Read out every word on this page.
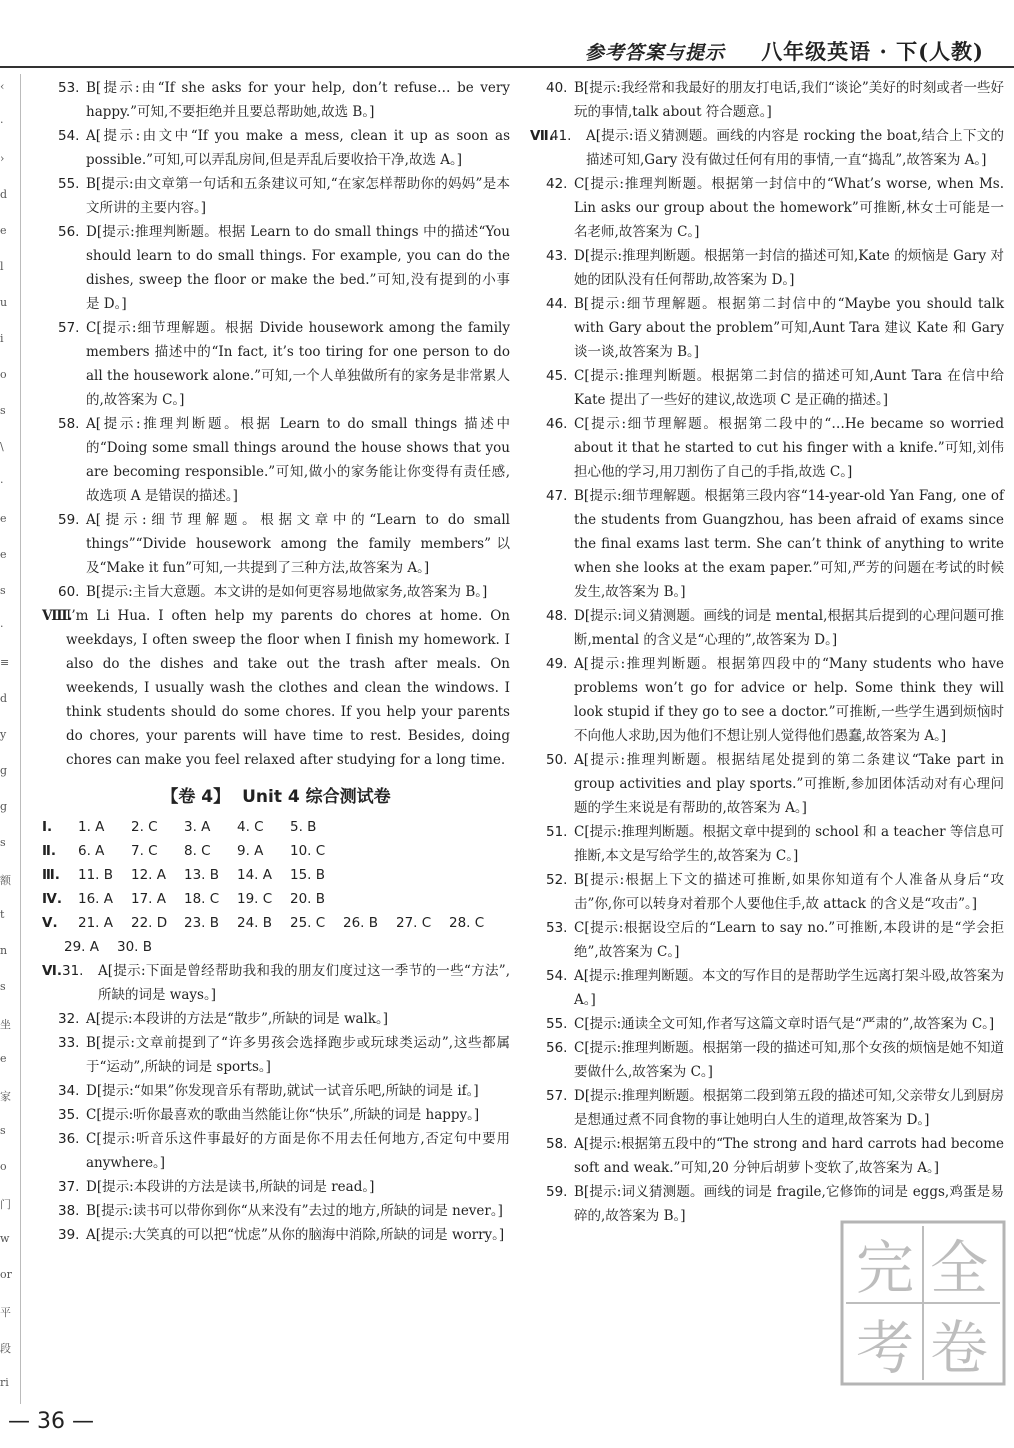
参考答案与提示 八年级英语 · 下(人教)
‹
·
›
d
e
l
u
i
o
s
\
·
e
e
s
·
≡
d
y
g
g
s
额
t
n
s
坐
e
家
s
o
门
w
or
平
段
ri
53. B[提示:由“If she asks for your help, don’t refuse… be very happy.”可知,不要拒绝并且要总帮助她,故选 B。]
54. A[提示:由文中“If you make a mess, clean it up as soon as possible.”可知,可以弄乱房间,但是弄乱后要收拾干净,故选 A。]
55. B[提示:由文章第一句话和五条建议可知,“在家怎样帮助你的妈妈”是本文所讲的主要内容。]
56. D[提示:推理判断题。根据 Learn to do small things 中的描述“You should learn to do small things. For example, you can do the dishes, sweep the floor or make the bed.”可知,没有提到的小事是 D。]
57. C[提示:细节理解题。根据 Divide housework among the family members 描述中的“In fact, it’s too tiring for one person to do all the housework alone.”可知,一个人单独做所有的家务是非常累人的,故答案为 C。]
58. A[提示:推理判断题。根据 Learn to do small things 描述中的“Doing some small things around the house shows that you are becoming responsible.”可知,做小的家务能让你变得有责任感,故选项 A 是错误的描述。]
59. A[提示:细节理解题。根据文章中的“Learn to do small things”“Divide housework among the family members”以及“Make it fun”可知,一共提到了三种方法,故答案为 A。]
60. B[提示:主旨大意题。本文讲的是如何更容易地做家务,故答案为 B。]
Ⅷ.
I’m Li Hua. I often help my parents do chores at home. On weekdays, I often sweep the floor when I finish my homework. I also do the dishes and take out the trash after meals. On weekends, I usually wash the clothes and clean the windows. I think students should do some chores. If you help your parents do chores, your parents will have time to rest. Besides, doing chores can make you feel relaxed after studying for a long time.
【卷 4】 Unit 4 综合测试卷
Ⅰ.	1. A	2. C	3. A	4. C	5. B
Ⅱ.	6. A	7. C	8. C	9. A	10. C
Ⅲ.	11. B	12. A	13. B	14. A	15. B
Ⅳ.	16. A	17. A	18. C	19. C	20. B
Ⅴ.	21. A	22. D	23. B	24. B	25. C	26. B	27. C	28. C
29. A	30. B
Ⅵ. 31.	A[提示:下面是曾经帮助我和我的朋友们度过这一季节的一些“方法”,所缺的词是 ways。]
32. A[提示:本段讲的方法是“散步”,所缺的词是 walk。]
33. B[提示:文章前提到了“许多男孩会选择跑步或玩球类运动”,这些都属于“运动”,所缺的词是 sports。]
34. D[提示:“如果”你发现音乐有帮助,就试一试音乐吧,所缺的词是 if。]
35. C[提示:听你最喜欢的歌曲当然能让你“快乐”,所缺的词是 happy。]
36. C[提示:听音乐这件事最好的方面是你不用去任何地方,否定句中要用 anywhere。]
37. D[提示:本段讲的方法是读书,所缺的词是 read。]
38. B[提示:读书可以带你到你“从来没有”去过的地方,所缺的词是 never。]
39. A[提示:大笑真的可以把“忧虑”从你的脑海中消除,所缺的词是 worry。]
40. B[提示:我经常和我最好的朋友打电话,我们“谈论”美好的时刻或者一些好玩的事情,talk about 符合题意。]
Ⅶ.
41.	A[提示:语义猜测题。画线的内容是 rocking the boat,结合上下文的描述可知,Gary 没有做过任何有用的事情,一直“捣乱”,故答案为 A。]
42. C[提示:推理判断题。根据第一封信中的“What’s worse, when Ms. Lin asks our group about the homework”可推断,林女士可能是一名老师,故答案为 C。]
43. D[提示:推理判断题。根据第一封信的描述可知,Kate 的烦恼是 Gary 对她的团队没有任何帮助,故答案为 D。]
44. B[提示:细节理解题。根据第二封信中的“Maybe you should talk with Gary about the problem”可知,Aunt Tara 建议 Kate 和 Gary 谈一谈,故答案为 B。]
45. C[提示:推理判断题。根据第二封信的描述可知,Aunt Tara 在信中给 Kate 提出了一些好的建议,故选项 C 是正确的描述。]
46. C[提示:细节理解题。根据第二段中的“…He became so worried about it that he started to cut his finger with a knife.”可知,刘伟担心他的学习,用刀割伤了自己的手指,故选 C。]
47. B[提示:细节理解题。根据第三段内容“14-year-old Yan Fang, one of the students from Guangzhou, has been afraid of exams since the final exams last term. She can’t think of anything to write when she looks at the exam paper.”可知,严芳的问题在考试的时候发生,故答案为 B。]
48. D[提示:词义猜测题。画线的词是 mental,根据其后提到的心理问题可推断,mental 的含义是“心理的”,故答案为 D。]
49. A[提示:推理判断题。根据第四段中的“Many students who have problems won’t go for advice or help. Some think they will look stupid if they go to see a doctor.”可推断,一些学生遇到烦恼时不向他人求助,因为他们不想让别人觉得他们愚蠢,故答案为 A。]
50. A[提示:推理判断题。根据结尾处提到的第二条建议“Take part in group activities and play sports.”可推断,参加团体活动对有心理问题的学生来说是有帮助的,故答案为 A。]
51. C[提示:推理判断题。根据文章中提到的 school 和 a teacher 等信息可推断,本文是写给学生的,故答案为 C。]
52. B[提示:根据上下文的描述可推断,如果你知道有个人准备从身后“攻击”你,你可以转身对着那个人要他住手,故 attack 的含义是“攻击”。]
53. C[提示:根据设空后的“Learn to say no.”可推断,本段讲的是“学会拒绝”,故答案为 C。]
54. A[提示:推理判断题。本文的写作目的是帮助学生远离打架斗殴,故答案为 A。]
55. C[提示:通读全文可知,作者写这篇文章时语气是“严肃的”,故答案为 C。]
56. C[提示:推理判断题。根据第一段的描述可知,那个女孩的烦恼是她不知道要做什么,故答案为 C。]
57. D[提示:推理判断题。根据第二段到第五段的描述可知,父亲带女儿到厨房是想通过煮不同食物的事让她明白人生的道理,故答案为 D。]
58. A[提示:根据第五段中的“The strong and hard carrots had become soft and weak.”可知,20 分钟后胡萝卜变软了,故答案为 A。]
59. B[提示:词义猜测题。画线的词是 fragile,它修饰的词是 eggs,鸡蛋是易碎的,故答案为 B。]
完 全
考 卷
— 36 —
